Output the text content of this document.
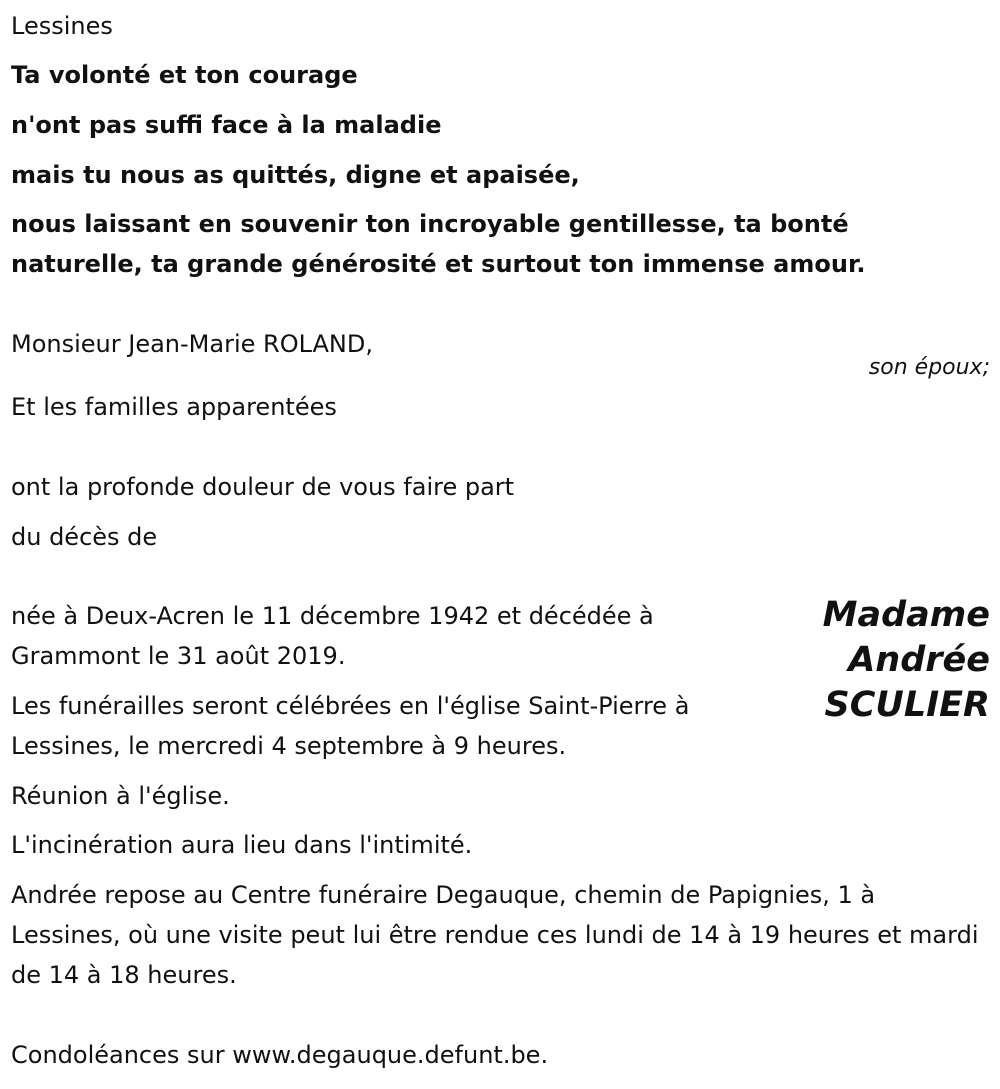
Lessines
Ta volonté et ton courage
n'ont pas suffi face à la maladie
mais tu nous as quittés, digne et apaisée,
nous laissant en souvenir ton incroyable gentillesse, ta bonté naturelle, ta grande générosité et surtout ton immense amour.
Monsieur Jean-Marie ROLAND,
son époux;
Et les familles apparentées
ont la profonde douleur de vous faire part
du décès de
Madame
Andrée
SCULIER
née à Deux-Acren le 11 décembre 1942 et décédée à Grammont le 31 août 2019.
Les funérailles seront célébrées en l'église Saint-Pierre à Lessines, le mercredi 4 septembre à 9 heures.
Réunion à l'église.
L'incinération aura lieu dans l'intimité.
Andrée repose au Centre funéraire Degauque, chemin de Papignies, 1 à Lessines, où une visite peut lui être rendue ces lundi de 14 à 19 heures et mardi de 14 à 18 heures.
Condoléances sur www.degauque.defunt.be.
